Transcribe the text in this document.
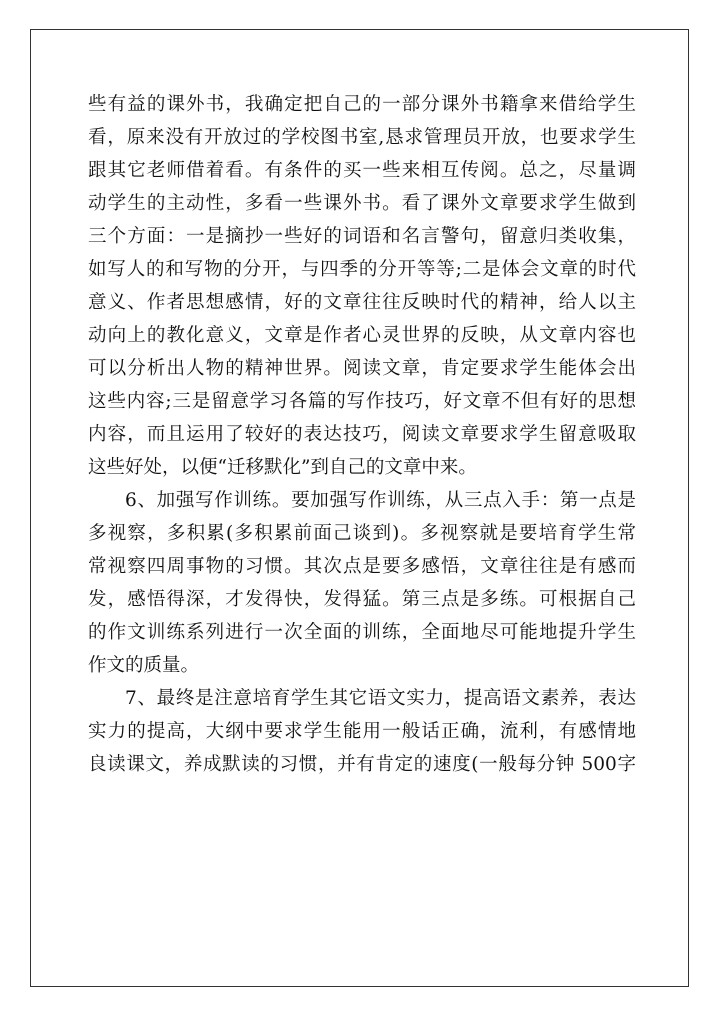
些有益的课外书，我确定把自己的一部分课外书籍拿来借给学生
看，原来没有开放过的学校图书室,恳求管理员开放，也要求学生
跟其它老师借着看。有条件的买一些来相互传阅。总之，尽量调
动学生的主动性，多看一些课外书。看了课外文章要求学生做到
三个方面：一是摘抄一些好的词语和名言警句，留意归类收集，
如写人的和写物的分开，与四季的分开等等;二是体会文章的时代
意义、作者思想感情，好的文章往往反映时代的精神，给人以主
动向上的教化意义，文章是作者心灵世界的反映，从文章内容也
可以分析出人物的精神世界。阅读文章，肯定要求学生能体会出
这些内容;三是留意学习各篇的写作技巧，好文章不但有好的思想
内容，而且运用了较好的表达技巧，阅读文章要求学生留意吸取
这些好处，以便“迁移默化”到自己的文章中来。
6、加强写作训练。要加强写作训练，从三点入手：第一点是
多视察，多积累(多积累前面己谈到)。多视察就是要培育学生常
常视察四周事物的习惯。其次点是要多感悟，文章往往是有感而
发，感悟得深，才发得快，发得猛。第三点是多练。可根据自己
的作文训练系列进行一次全面的训练，全面地尽可能地提升学生
作文的质量。
7、最终是注意培育学生其它语文实力，提高语文素养，表达
实力的提高，大纲中要求学生能用一般话正确，流利，有感情地
良读课文，养成默读的习惯，并有肯定的速度(一般每分钟 500字
